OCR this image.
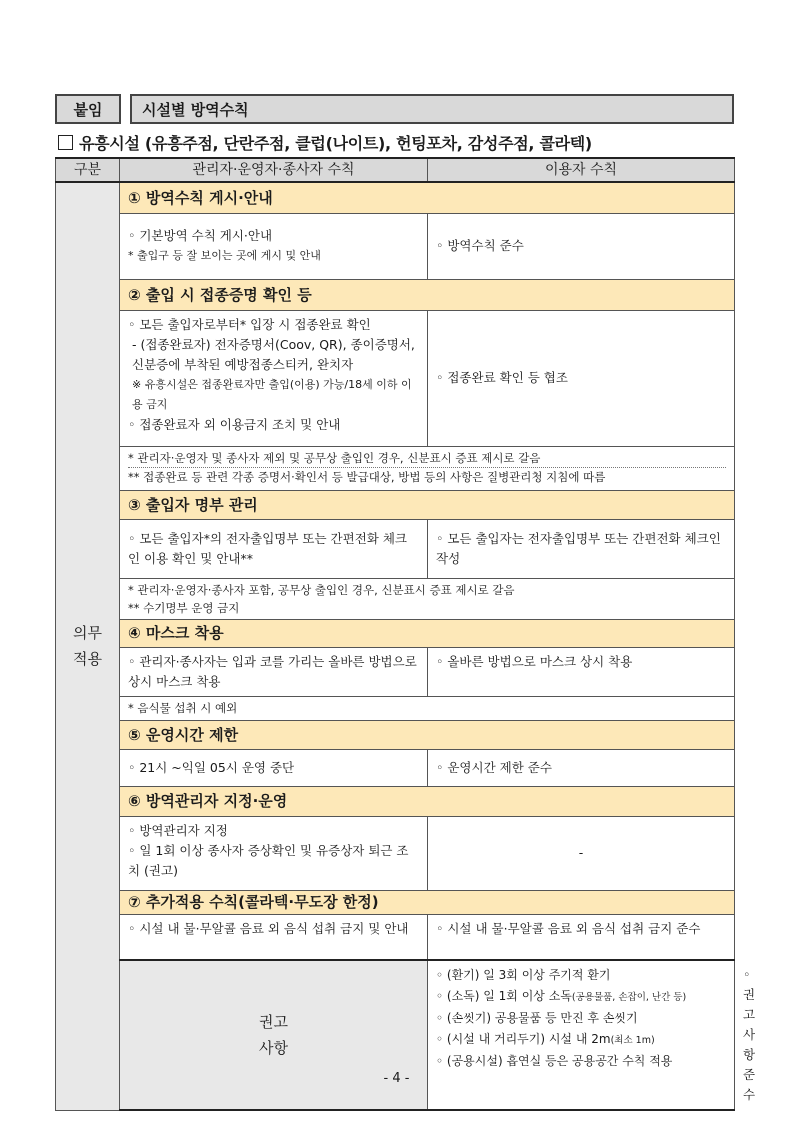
붙임	시설별 방역수칙
유흥시설 (유흥주점, 단란주점, 클럽(나이트), 헌팅포차, 감성주점, 콜라텍)
구분	관리자·운영자·종사자 수칙	이용자 수칙	
의무 적용	① 방역수칙 게시·안내		

	◦ 기본방역 수칙 게시·안내
* 출입구 등 잘 보이는 곳에 게시 및 안내	◦ 방역수칙 준수	
	② 출입 시 접종증명 확인 등		

	◦ 모든 출입자로부터* 입장 시 접종완료 확인
- (접종완료자) 전자증명서(Coov, QR), 종이증명서, 신분증에 부착된 예방접종스티커, 완치자
※ 유흥시설은 접종완료자만 출입(이용) 가능/18세 이하 이용 금지
◦ 접종완료자 외 이용금지 조치 및 안내	◦ 접종완료 확인 등 협조	

	* 관리자·운영자 및 종사자 제외 및 공무상 출입인 경우, 신분표시 증표 제시로 갈음
** 접종완료 등 관련 각종 증명서·확인서 등 발급대상, 방법 등의 사항은 질병관리청 지침에 따름		

	③ 출입자 명부 관리		
	◦ 모든 출입자*의 전자출입명부 또는 간편전화 체크인 이용 확인 및 안내**	◦ 모든 출입자는 전자출입명부 또는 간편전화 체크인 작성	

	* 관리자·운영자·종사자 포함, 공무상 출입인 경우, 신분표시 증표 제시로 갈음
** 수기명부 운영 금지		

	④ 마스크 착용		
	◦ 관리자·종사자는 입과 코를 가리는 올바른 방법으로 상시 마스크 착용	◦ 올바른 방법으로 마스크 상시 착용	
	* 음식물 섭취 시 예외		
	⑤ 운영시간 제한		
	◦ 21시 ~익일 05시 운영 중단	◦ 운영시간 제한 준수	
	⑥ 방역관리자 지정·운영		

	◦ 방역관리자 지정
◦ 일 1회 이상 종사자 증상확인 및 유증상자 퇴근 조치 (권고)	-	
	⑦ 추가적용 수칙(콜라텍·무도장 한정)		
	◦ 시설 내 물·무알콜 음료 외 음식 섭취 금지 및 안내	◦ 시설 내 물·무알콜 음료 외 음식 섭취 금지 준수	
	권고 사항	◦ (환기) 일 3회 이상 주기적 환기
◦ (소독) 일 1회 이상 소독(공용물품, 손잡이, 난간 등)
◦ (손씻기) 공용물품 등 만진 후 손씻기
◦ (시설 내 거리두기) 시설 내 2m(최소 1m)
◦ (공용시설) 흡연실 등은 공용공간 수칙 적용	◦ 권고사항 준수
- 4 -
